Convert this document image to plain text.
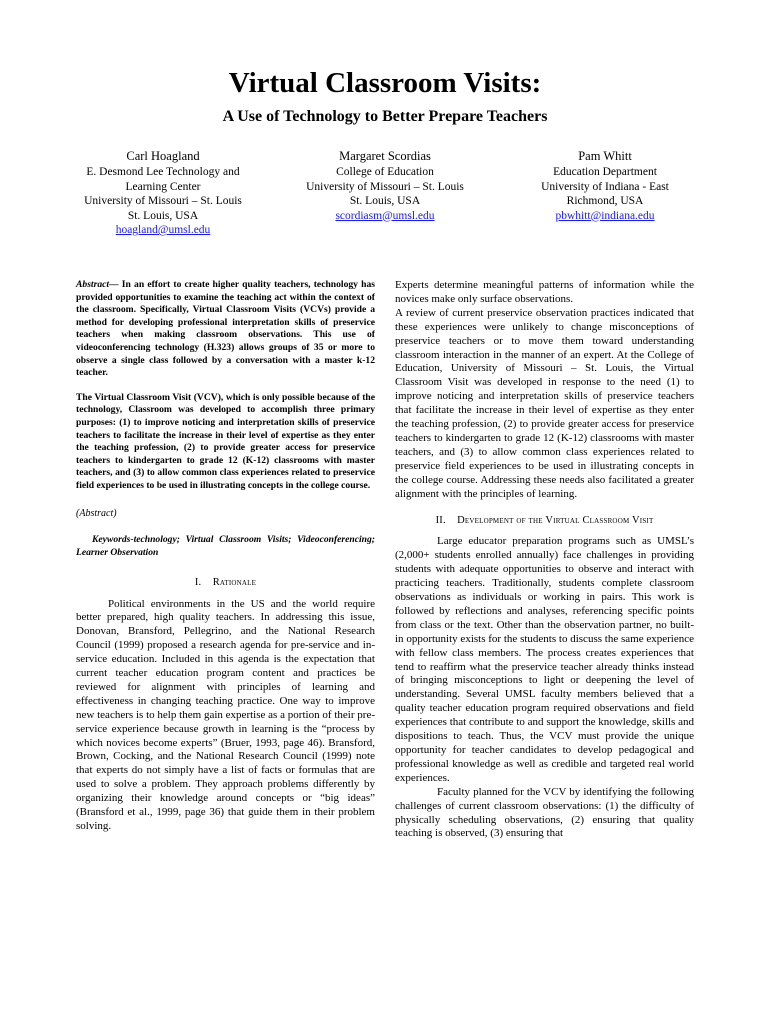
Virtual Classroom Visits:
A Use of Technology to Better Prepare Teachers
Carl Hoagland
E. Desmond Lee Technology and
Learning Center
University of Missouri – St. Louis
St. Louis, USA
hoagland@umsl.edu
Margaret Scordias
College of Education
University of Missouri – St. Louis
St. Louis, USA
scordiasm@umsl.edu
Pam Whitt
Education Department
University of Indiana - East
Richmond, USA
pbwhitt@indiana.edu

Abstract— In an effort to create higher quality teachers, technology has provided opportunities to examine the teaching act within the context of the classroom. Specifically, Virtual Classroom Visits (VCVs) provide a method for developing professional interpretation skills of preservice teachers when making classroom observations. This use of videoconferencing technology (H.323) allows groups of 35 or more to observe a single class followed by a conversation with a master k-12 teacher.

The Virtual Classroom Visit (VCV), which is only possible because of the technology, Classroom was developed to accomplish three primary purposes: (1) to improve noticing and interpretation skills of preservice teachers to facilitate the increase in their level of expertise as they enter the teaching profession, (2) to provide greater access for preservice teachers to kindergarten to grade 12 (K-12) classrooms with master teachers, and (3) to allow common class experiences related to preservice field experiences to be used in illustrating concepts in the college course.

(Abstract)

Keywords-technology; Virtual Classroom Visits; Videoconferencing; Learner Observation

I. Rationale

Political environments in the US and the world require better prepared, high quality teachers. In addressing this issue, Donovan, Bransford, Pellegrino, and the National Research Council (1999) proposed a research agenda for pre-service and in-service education. Included in this agenda is the expectation that current teacher education program content and practices be reviewed for alignment with principles of learning and effectiveness in changing teaching practice. One way to improve new teachers is to help them gain expertise as a portion of their pre-service experience because growth in learning is the “process by which novices become experts” (Bruer, 1993, page 46). Bransford, Brown, Cocking, and the National Research Council (1999) note that experts do not simply have a list of facts or formulas that are used to solve a problem. They approach problems differently by organizing their knowledge around concepts or “big ideas” (Bransford et al., 1999, page 36) that guide them in their problem solving.

Experts determine meaningful patterns of information while the novices make only surface observations.

A review of current preservice observation practices indicated that these experiences were unlikely to change misconceptions of preservice teachers or to move them toward understanding classroom interaction in the manner of an expert. At the College of Education, University of Missouri – St. Louis, the Virtual Classroom Visit was developed in response to the need (1) to improve noticing and interpretation skills of preservice teachers that facilitate the increase in their level of expertise as they enter the teaching profession, (2) to provide greater access for preservice teachers to kindergarten to grade 12 (K-12) classrooms with master teachers, and (3) to allow common class experiences related to preservice field experiences to be used in illustrating concepts in the college course. Addressing these needs also facilitated a greater alignment with the principles of learning.

II. Development of the Virtual Classroom Visit

Large educator preparation programs such as UMSL’s (2,000+ students enrolled annually) face challenges in providing students with adequate opportunities to observe and interact with practicing teachers. Traditionally, students complete classroom observations as individuals or working in pairs. This work is followed by reflections and analyses, referencing specific points from class or the text. Other than the observation partner, no built-in opportunity exists for the students to discuss the same experience with fellow class members. The process creates experiences that tend to reaffirm what the preservice teacher already thinks instead of bringing misconceptions to light or deepening the level of understanding. Several UMSL faculty members believed that a quality teacher education program required observations and field experiences that contribute to and support the knowledge, skills and dispositions to teach. Thus, the VCV must provide the unique opportunity for teacher candidates to develop pedagogical and professional knowledge as well as credible and targeted real world experiences.

Faculty planned for the VCV by identifying the following challenges of current classroom observations: (1) the difficulty of physically scheduling observations, (2) ensuring that quality teaching is observed, (3) ensuring that
